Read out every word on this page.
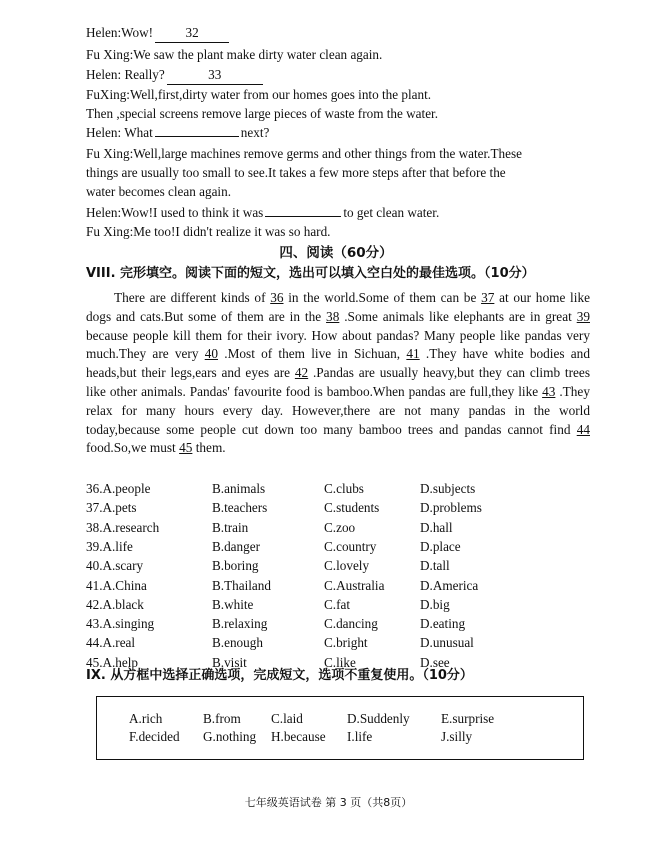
Helen:Wow! 32
Fu Xing:We saw the plant make dirty water clean again.
Helen: Really?	33
FuXing:Well,first,dirty water from our homes goes into the plant.
Then ,special screens remove large pieces of waste from the water.
Helen: What	next?
Fu Xing:Well,large machines remove germs and other things from the water.These
things are usually too small to see.It takes a few more steps after that before the
water becomes clean again.
Helen:Wow!I used to think it was	to get clean water.
Fu Xing:Me too!I didn't realize it was so hard.
四、阅读（60分）
VIII. 完形填空。阅读下面的短文，选出可以填入空白处的最佳选项。（10分）

There are different kinds of 36 in the world.Some of them can be 37 at our home like dogs and cats.But some of them are in the 38 .Some animals like elephants are in great 39 because people kill them for their ivory. How about pandas? Many people like pandas very much.They are very 40 .Most of them live in Sichuan, 41 .They have white bodies and heads,but their legs,ears and eyes are 42 .Pandas are usually heavy,but they can climb trees like other animals. Pandas' favourite food is bamboo.When pandas are full,they like 43 .They relax for many hours every day. However,there are not many pandas in the world today,because some people cut down too many bamboo trees and pandas cannot find 44 food.So,we must 45 them.

36.A.people	B.animals	C.clubs	D.subjects
37.A.pets	B.teachers	C.students	D.problems
38.A.research	B.train	C.zoo	D.hall
39.A.life	B.danger	C.country	D.place
40.A.scary	B.boring	C.lovely	D.tall
41.A.China	B.Thailand	C.Australia	D.America
42.A.black	B.white	C.fat	D.big
43.A.singing	B.relaxing	C.dancing	D.eating
44.A.real	B.enough	C.bright	D.unusual
45.A.help	B.visit	C.like	D.see
IX. 从方框中选择正确选项，完成短文，选项不重复使用。（10分）
A.rich	B.from C.laid	D.Suddenly E.surprise
F.decided G.nothing H.because I.life	J.silly
七年级英语试卷 第 3 页（共8页）
